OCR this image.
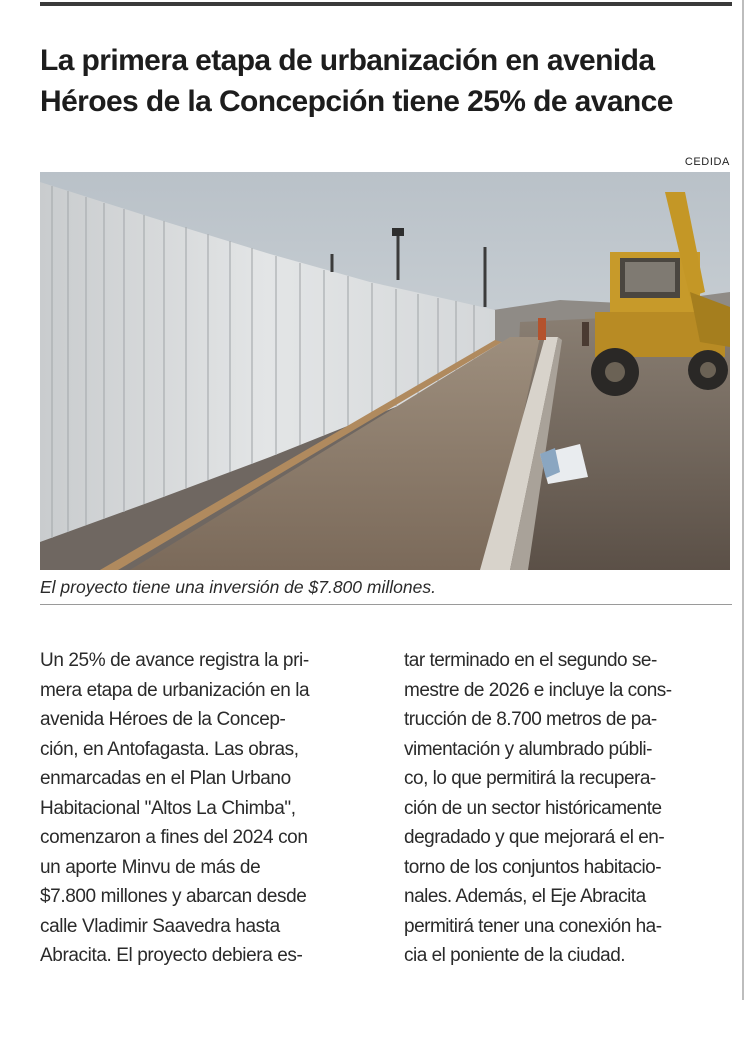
La primera etapa de urbanización en avenida
Héroes de la Concepción tiene 25% de avance
CEDIDA
El proyecto tiene una inversión de $7.800 millones.
Un 25% de avance registra la pri-
mera etapa de urbanización en la
avenida Héroes de la Concep-
ción, en Antofagasta. Las obras,
enmarcadas en el Plan Urbano
Habitacional "Altos La Chimba",
comenzaron a fines del 2024 con
un aporte Minvu de más de
$7.800 millones y abarcan desde
calle Vladimir Saavedra hasta
Abracita. El proyecto debiera es-
tar terminado en el segundo se-
mestre de 2026 e incluye la cons-
trucción de 8.700 metros de pa-
vimentación y alumbrado públi-
co, lo que permitirá la recupera-
ción de un sector históricamente
degradado y que mejorará el en-
torno de los conjuntos habitacio-
nales. Además, el Eje Abracita
permitirá tener una conexión ha-
cia el poniente de la ciudad.
